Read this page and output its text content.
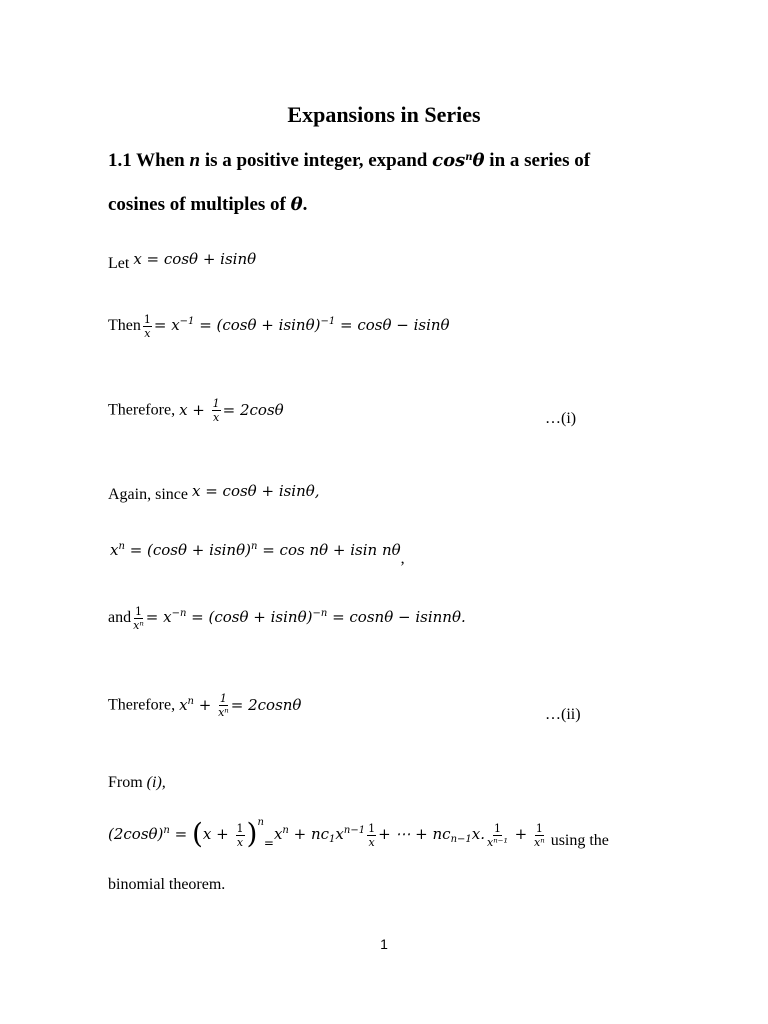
Expansions in Series
1.1 When n is a positive integer, expand $\cos^n\theta$ in a series of
cosines of multiples of θ.
Let x = cosθ + isinθ
Then $\frac{1}{x} = x^{-1} = (\cos\theta + isin\theta)^{-1} = \cos\theta - isin\theta$
Therefore, $x + \frac{1}{x} = 2\cos\theta$	…(i)
Again, since x = cosθ + isinθ,
$x^n = (\cos\theta + isin\theta)^n = \cos n\theta + isin$ nθ,
and $\frac{1}{\text{xⁿ}} = x^{-n} = (\cos\theta + isin\theta)^{-n} = \cos n\theta - isinn\theta$.
Therefore, $x^n + \frac{1}{\text{xⁿ}} = 2\cos n\theta$
…(ii)
From (i),
$(2\cos\theta)^n = (x + \frac{1}{x} )^n_=x^n + nc_1x^{n-1} \frac{1}{x}$ + ⋯ + $nc_{n-1}x$. $\frac{1}{\text{xⁿ⁻¹}} + \frac{1}{\text{xⁿ}}$ using the
binomial theorem.
1
